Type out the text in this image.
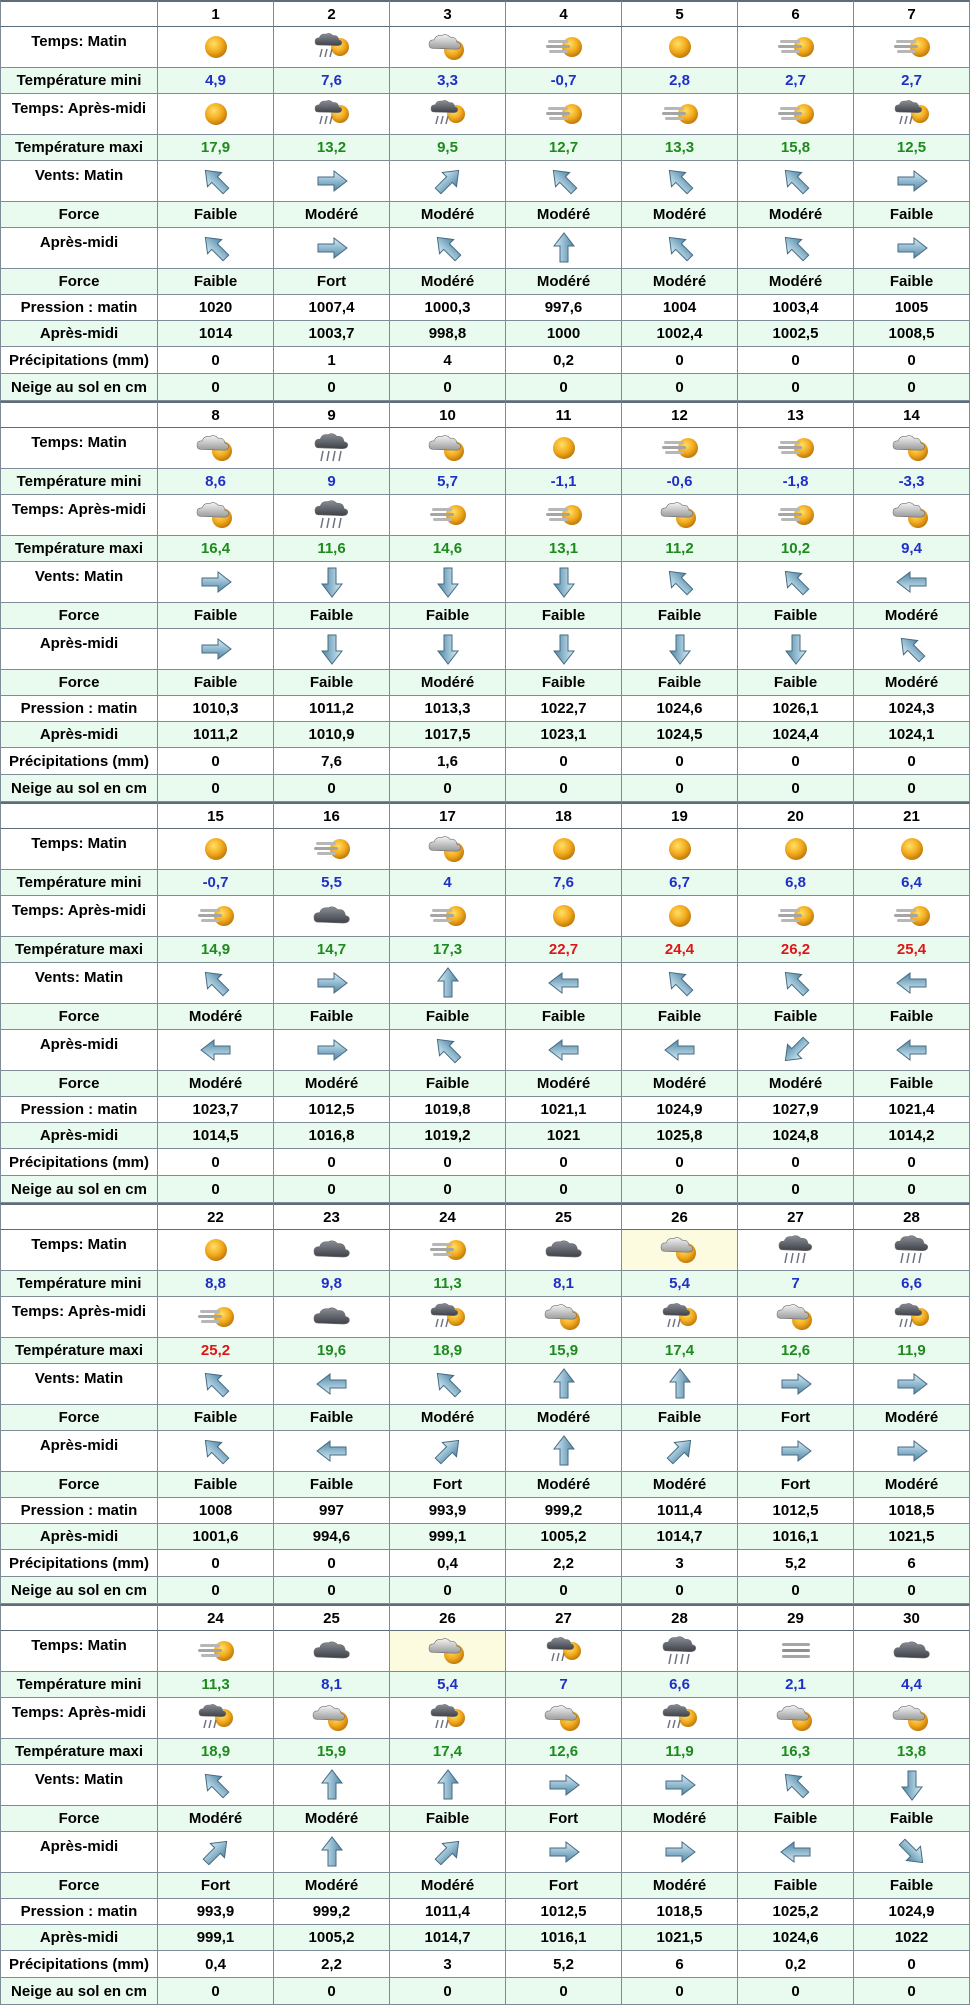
1	2	3	4	5	6	7
Temps: Matin
Température mini	4,9	7,6	3,3	-0,7	2,8	2,7	2,7
Temps: Après-midi
Température maxi	17,9	13,2	9,5	12,7	13,3	15,8	12,5
Vents: Matin
Force	Faible	Modéré	Modéré	Modéré	Modéré	Modéré	Faible
Après-midi
Force	Faible	Fort	Modéré	Modéré	Modéré	Modéré	Faible
Pression : matin	1020	1007,4	1000,3	997,6	1004	1003,4	1005
Après-midi	1014	1003,7	998,8	1000	1002,4	1002,5	1008,5
Précipitations (mm)	0	1	4	0,2	0	0	0
Neige au sol en cm	0	0	0	0	0	0	0
8	9	10	11	12	13	14
Temps: Matin
Température mini	8,6	9	5,7	-1,1	-0,6	-1,8	-3,3
Temps: Après-midi
Température maxi	16,4	11,6	14,6	13,1	11,2	10,2	9,4
Vents: Matin
Force	Faible	Faible	Faible	Faible	Faible	Faible	Modéré
Après-midi
Force	Faible	Faible	Modéré	Faible	Faible	Faible	Modéré
Pression : matin	1010,3	1011,2	1013,3	1022,7	1024,6	1026,1	1024,3
Après-midi	1011,2	1010,9	1017,5	1023,1	1024,5	1024,4	1024,1
Précipitations (mm)	0	7,6	1,6	0	0	0	0
Neige au sol en cm	0	0	0	0	0	0	0
15	16	17	18	19	20	21
Temps: Matin
Température mini	-0,7	5,5	4	7,6	6,7	6,8	6,4
Temps: Après-midi
Température maxi	14,9	14,7	17,3	22,7	24,4	26,2	25,4
Vents: Matin
Force	Modéré	Faible	Faible	Faible	Faible	Faible	Faible
Après-midi
Force	Modéré	Modéré	Faible	Modéré	Modéré	Modéré	Faible
Pression : matin	1023,7	1012,5	1019,8	1021,1	1024,9	1027,9	1021,4
Après-midi	1014,5	1016,8	1019,2	1021	1025,8	1024,8	1014,2
Précipitations (mm)	0	0	0	0	0	0	0
Neige au sol en cm	0	0	0	0	0	0	0
22	23	24	25	26	27	28
Temps: Matin
Température mini	8,8	9,8	11,3	8,1	5,4	7	6,6
Temps: Après-midi
Température maxi	25,2	19,6	18,9	15,9	17,4	12,6	11,9
Vents: Matin
Force	Faible	Faible	Modéré	Modéré	Faible	Fort	Modéré
Après-midi
Force	Faible	Faible	Fort	Modéré	Modéré	Fort	Modéré
Pression : matin	1008	997	993,9	999,2	1011,4	1012,5	1018,5
Après-midi	1001,6	994,6	999,1	1005,2	1014,7	1016,1	1021,5
Précipitations (mm)	0	0	0,4	2,2	3	5,2	6
Neige au sol en cm	0	0	0	0	0	0	0
24	25	26	27	28	29	30
Temps: Matin
Température mini	11,3	8,1	5,4	7	6,6	2,1	4,4
Temps: Après-midi
Température maxi	18,9	15,9	17,4	12,6	11,9	16,3	13,8
Vents: Matin
Force	Modéré	Modéré	Faible	Fort	Modéré	Faible	Faible
Après-midi
Force	Fort	Modéré	Modéré	Fort	Modéré	Faible	Faible
Pression : matin	993,9	999,2	1011,4	1012,5	1018,5	1025,2	1024,9
Après-midi	999,1	1005,2	1014,7	1016,1	1021,5	1024,6	1022
Précipitations (mm)	0,4	2,2	3	5,2	6	0,2	0
Neige au sol en cm	0	0	0	0	0	0	0
